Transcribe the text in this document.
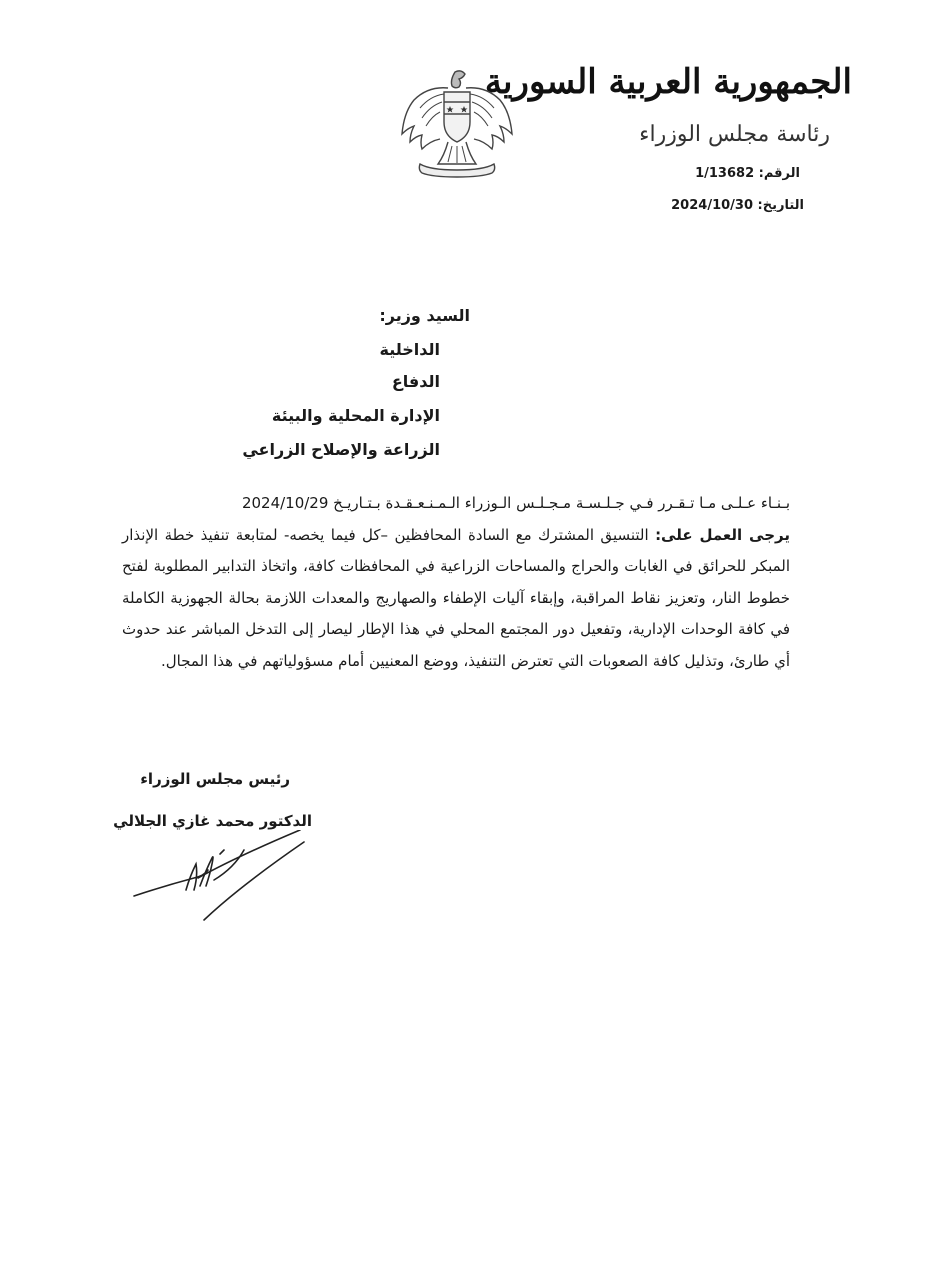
الجمهورية العربية السورية
رئاسة مجلس الوزراء
الرقم: 1/13682
التاريخ: 2024/10/30
السيد وزير:
الداخلية
الدفاع
الإدارة المحلية والبيئة
الزراعة والإصلاح الزراعي

بـنـاء عـلـى مـا تـقـرر فـي جـلـسـة مـجـلـس الـوزراء الـمـنـعـقـدة بـتـاريـخ 2024/10/29

يرجى العمل على: التنسيق المشترك مع السادة المحافظين –كل فيما يخصه- لمتابعة تنفيذ خطة الإنذار المبكر للحرائق في الغابات والحراج والمساحات الزراعية في المحافظات كافة، واتخاذ التدابير المطلوبة لفتح خطوط النار، وتعزيز نقاط المراقبة، وإبقاء آليات الإطفاء والصهاريج والمعدات اللازمة بحالة الجهوزية الكاملة في كافة الوحدات الإدارية، وتفعيل دور المجتمع المحلي في هذا الإطار ليصار إلى التدخل المباشر عند حدوث أي طارئ، وتذليل كافة الصعوبات التي تعترض التنفيذ، ووضع المعنيين أمام مسؤولياتهم في هذا المجال.

رئيس مجلس الوزراء
الدكتور محمد غازي الجلالي
